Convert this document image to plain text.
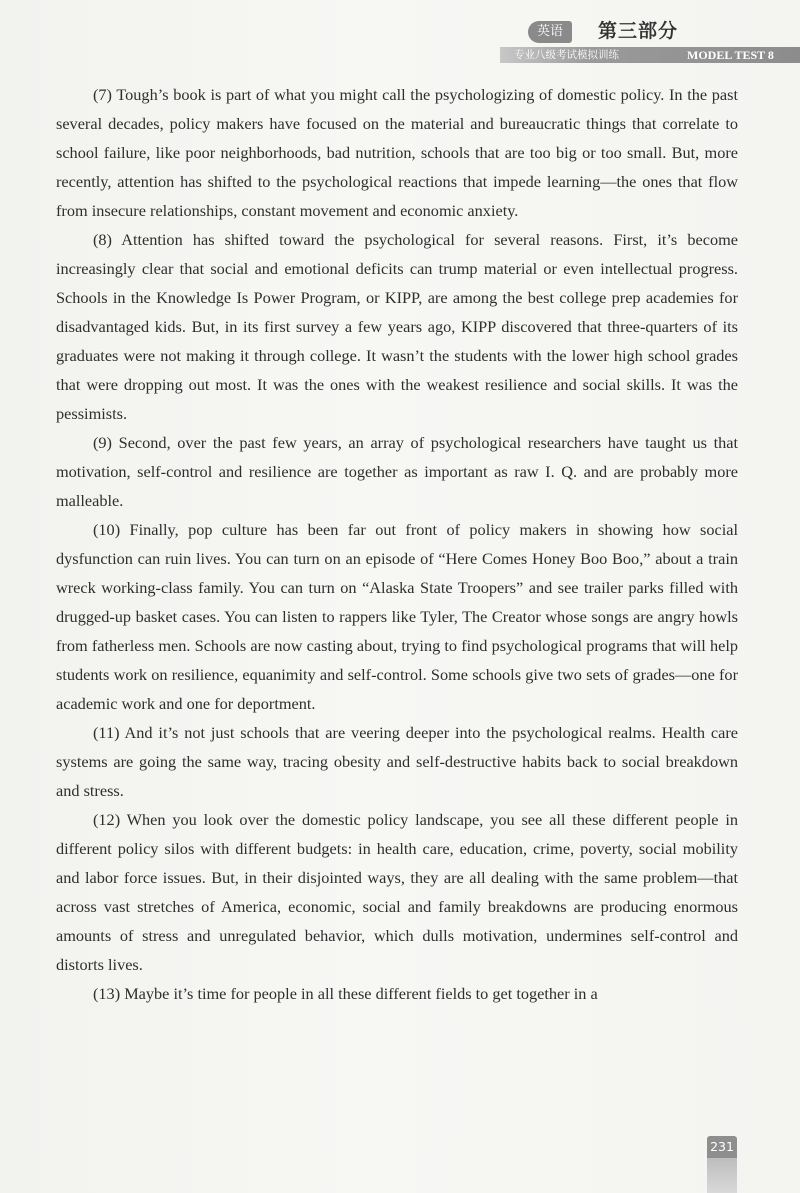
英语	第三部分
专业八级考试模拟训练	MODEL TEST 8

(7) Tough’s book is part of what you might call the psychologizing of domestic policy. In the past several decades, policy makers have focused on the material and bureaucratic things that correlate to school failure, like poor neighborhoods, bad nutrition, schools that are too big or too small. But, more recently, attention has shifted to the psychological reactions that impede learning—the ones that flow from insecure relationships, constant movement and economic anxiety.

(8) Attention has shifted toward the psychological for several reasons. First, it’s become increasingly clear that social and emotional deficits can trump material or even intellectual progress. Schools in the Knowledge Is Power Program, or KIPP, are among the best college prep academies for disadvantaged kids. But, in its first survey a few years ago, KIPP discovered that three-quarters of its graduates were not making it through college. It wasn’t the students with the lower high school grades that were dropping out most. It was the ones with the weakest resilience and social skills. It was the pessimists.

(9) Second, over the past few years, an array of psychological researchers have taught us that motivation, self-control and resilience are together as important as raw I. Q. and are probably more malleable.

(10) Finally, pop culture has been far out front of policy makers in showing how social dysfunction can ruin lives. You can turn on an episode of “Here Comes Honey Boo Boo,” about a train wreck working-class family. You can turn on “Alaska State Troopers” and see trailer parks filled with drugged-up basket cases. You can listen to rappers like Tyler, The Creator whose songs are angry howls from fatherless men. Schools are now casting about, trying to find psychological programs that will help students work on resilience, equanimity and self-control. Some schools give two sets of grades—one for academic work and one for deportment.

(11) And it’s not just schools that are veering deeper into the psychological realms. Health care systems are going the same way, tracing obesity and self-destructive habits back to social breakdown and stress.

(12) When you look over the domestic policy landscape, you see all these different people in different policy silos with different budgets: in health care, education, crime, poverty, social mobility and labor force issues. But, in their disjointed ways, they are all dealing with the same problem—that across vast stretches of America, economic, social and family breakdowns are producing enormous amounts of stress and unregulated behavior, which dulls motivation, undermines self-control and distorts lives.

(13) Maybe it’s time for people in all these different fields to get together in a

231
